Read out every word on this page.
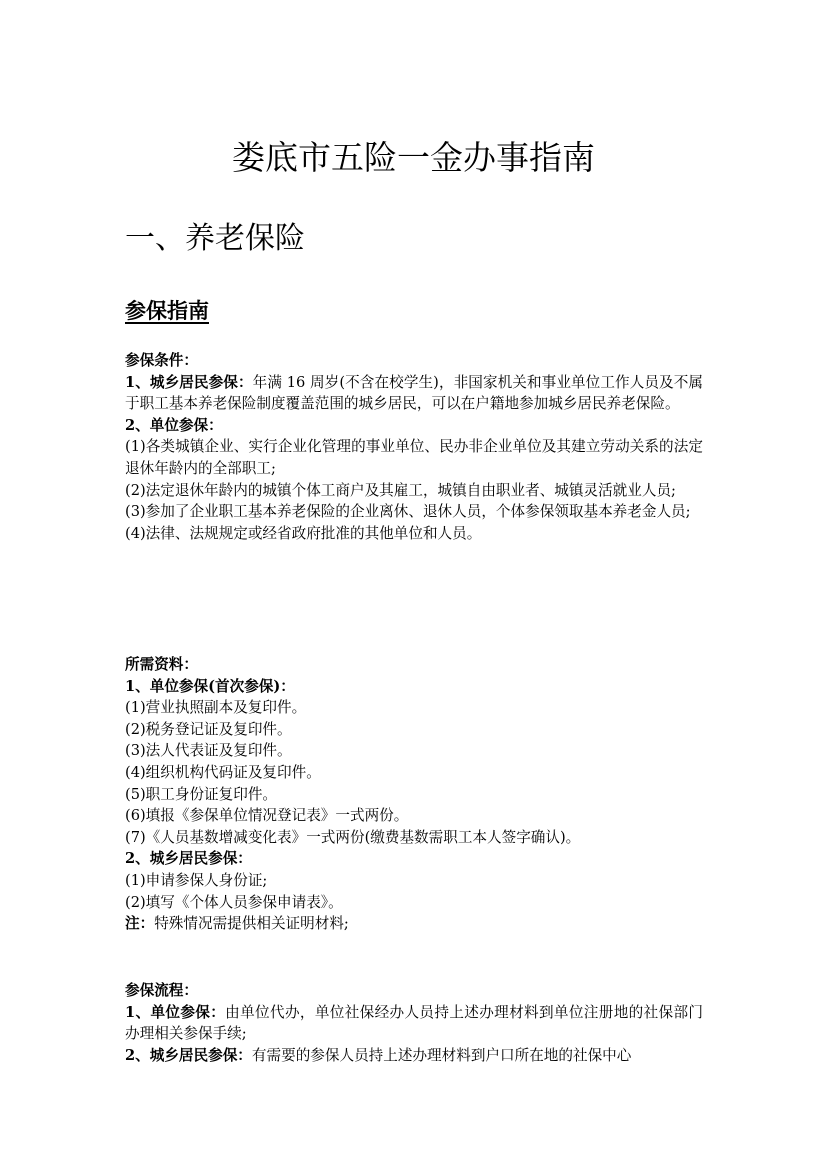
娄底市五险一金办事指南
一、养老保险
参保指南

参保条件：

1、城乡居民参保：年满 16 周岁(不含在校学生)，非国家机关和事业单位工作人员及不属于职工基本养老保险制度覆盖范围的城乡居民，可以在户籍地参加城乡居民养老保险。

2、单位参保：

(1)各类城镇企业、实行企业化管理的事业单位、民办非企业单位及其建立劳动关系的法定退休年龄内的全部职工;

(2)法定退休年龄内的城镇个体工商户及其雇工，城镇自由职业者、城镇灵活就业人员;

(3)参加了企业职工基本养老保险的企业离休、退休人员，个体参保领取基本养老金人员;

(4)法律、法规规定或经省政府批准的其他单位和人员。

所需资料：

1、单位参保(首次参保)：

(1)营业执照副本及复印件。

(2)税务登记证及复印件。

(3)法人代表证及复印件。

(4)组织机构代码证及复印件。

(5)职工身份证复印件。

(6)填报《参保单位情况登记表》一式两份。

(7)《人员基数增减变化表》一式两份(缴费基数需职工本人签字确认)。

2、城乡居民参保：

(1)申请参保人身份证;

(2)填写《个体人员参保申请表》。

注：特殊情况需提供相关证明材料;

参保流程：

1、单位参保：由单位代办，单位社保经办人员持上述办理材料到单位注册地的社保部门办理相关参保手续;

2、城乡居民参保：有需要的参保人员持上述办理材料到户口所在地的社保中心
